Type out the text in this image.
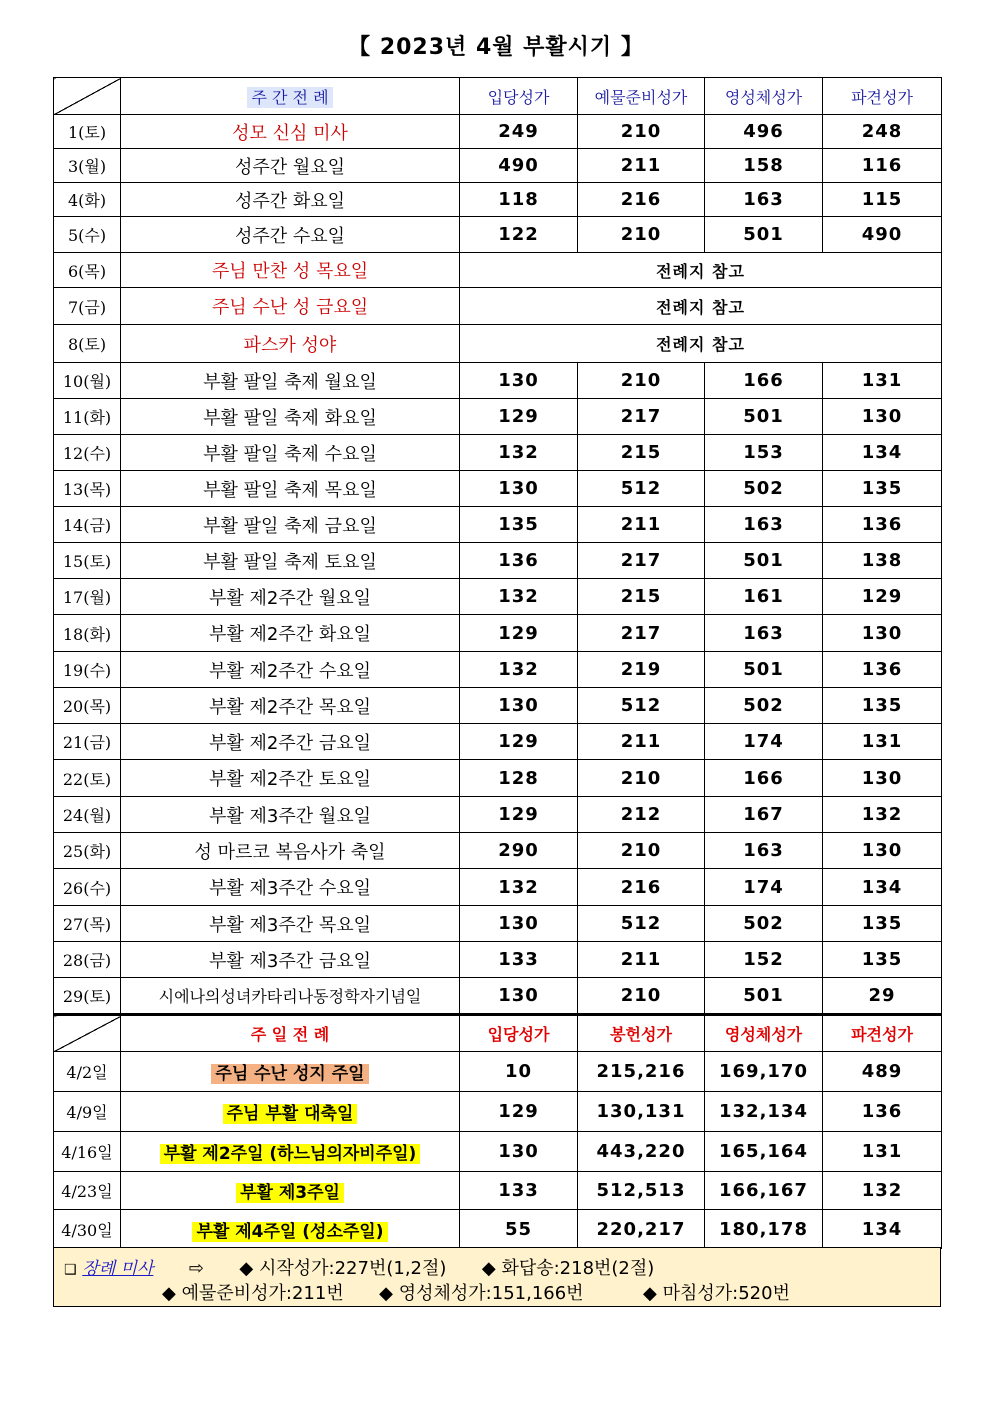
【 2023년 4월 부활시기 】
	주 간 전 례	입당성가	예물준비성가	영성체성가	파견성가
1(토)	성모 신심 미사	249	210	496	248
3(월)	성주간 월요일	490	211	158	116
4(화)	성주간 화요일	118	216	163	115
5(수)	성주간 수요일	122	210	501	490
6(목)	주님 만찬 성 목요일	전례지 참고			
7(금)	주님 수난 성 금요일	전례지 참고			
8(토)	파스카 성야	전례지 참고			
10(월)	부활 팔일 축제 월요일	130	210	166	131
11(화)	부활 팔일 축제 화요일	129	217	501	130
12(수)	부활 팔일 축제 수요일	132	215	153	134
13(목)	부활 팔일 축제 목요일	130	512	502	135
14(금)	부활 팔일 축제 금요일	135	211	163	136
15(토)	부활 팔일 축제 토요일	136	217	501	138
17(월)	부활 제2주간 월요일	132	215	161	129
18(화)	부활 제2주간 화요일	129	217	163	130
19(수)	부활 제2주간 수요일	132	219	501	136
20(목)	부활 제2주간 목요일	130	512	502	135
21(금)	부활 제2주간 금요일	129	211	174	131
22(토)	부활 제2주간 토요일	128	210	166	130
24(월)	부활 제3주간 월요일	129	212	167	132
25(화)	성 마르코 복음사가 축일	290	210	163	130
26(수)	부활 제3주간 수요일	132	216	174	134
27(목)	부활 제3주간 목요일	130	512	502	135
28(금)	부활 제3주간 금요일	133	211	152	135
29(토)	시에나의성녀카타리나동정학자기념일	130	210	501	29
	주 일 전 례	입당성가	봉헌성가	영성체성가	파견성가
4/2일	주님 수난 성지 주일	10	215,216	169,170	489
4/9일	주님 부활 대축일	129	130,131	132,134	136
4/16일	부활 제2주일 (하느님의자비주일)	130	443,220	165,164	131
4/23일	부활 제3주일	133	512,513	166,167	132
4/30일	부활 제4주일 (성소주일)	55	220,217	180,178	134
❑ 장례 미사 ⇨ ◆ 시작성가:227번(1,2절) ◆ 화답송:218번(2절)
◆ 예물준비성가:211번 ◆ 영성체성가:151,166번	◆ 마침성가:520번
